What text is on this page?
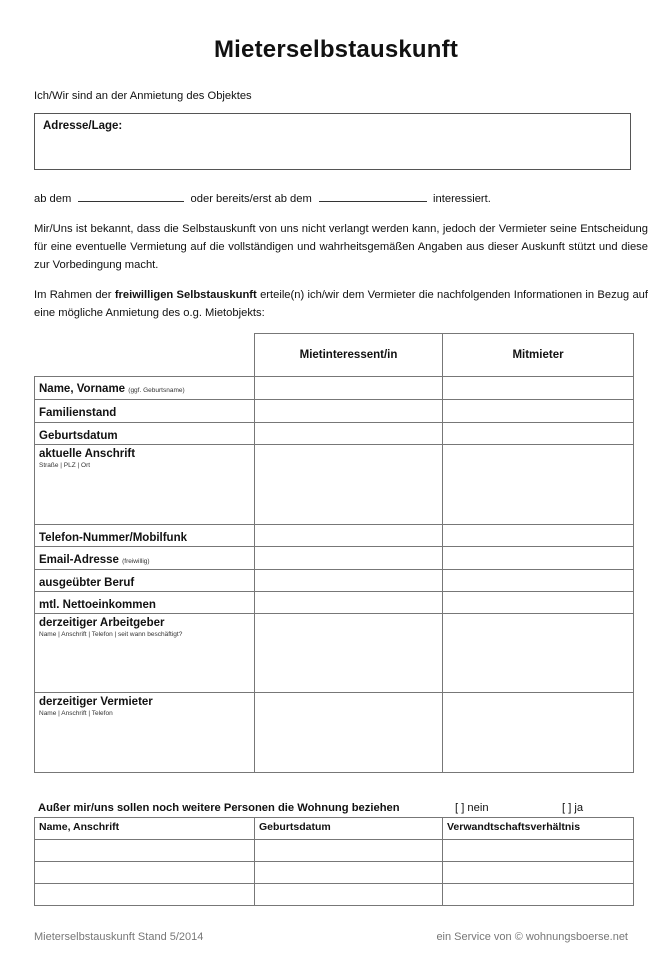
Mieterselbstauskunft
Ich/Wir sind an der Anmietung des Objektes
Adresse/Lage:
ab dem	oder bereits/erst ab dem	interessiert.
Mir/Uns ist bekannt, dass die Selbstauskunft von uns nicht verlangt werden kann, jedoch der Vermieter seine Entscheidung für eine eventuelle Vermietung auf die vollständigen und wahrheitsgemäßen Angaben aus dieser Auskunft stützt und diese zur Vorbedingung macht.
Im Rahmen der freiwilligen Selbstauskunft erteile(n) ich/wir dem Vermieter die nachfolgenden Informationen in Bezug auf eine mögliche Anmietung des o.g. Mietobjekts:
	Mietinteressent/in	Mitmieter
Name, Vorname (ggf. Geburtsname)		
Familienstand		
Geburtsdatum		
aktuelle Anschrift
Straße | PLZ | Ort		

Telefon-Nummer/Mobilfunk		
Email-Adresse (freiwillig)		
ausgeübter Beruf		
mtl. Nettoeinkommen		
derzeitiger Arbeitgeber
Name | Anschrift | Telefon | seit wann beschäftigt?		

derzeitiger Vermieter
Name | Anschrift | Telefon		

Außer mir/uns sollen noch weitere Personen die Wohnung beziehen	[ ] nein	[ ] ja
Name, Anschrift	Geburtsdatum	Verwandtschaftsverhältnis

Mieterselbstauskunft Stand 5/2014	ein Service von © wohnungsboerse.net
